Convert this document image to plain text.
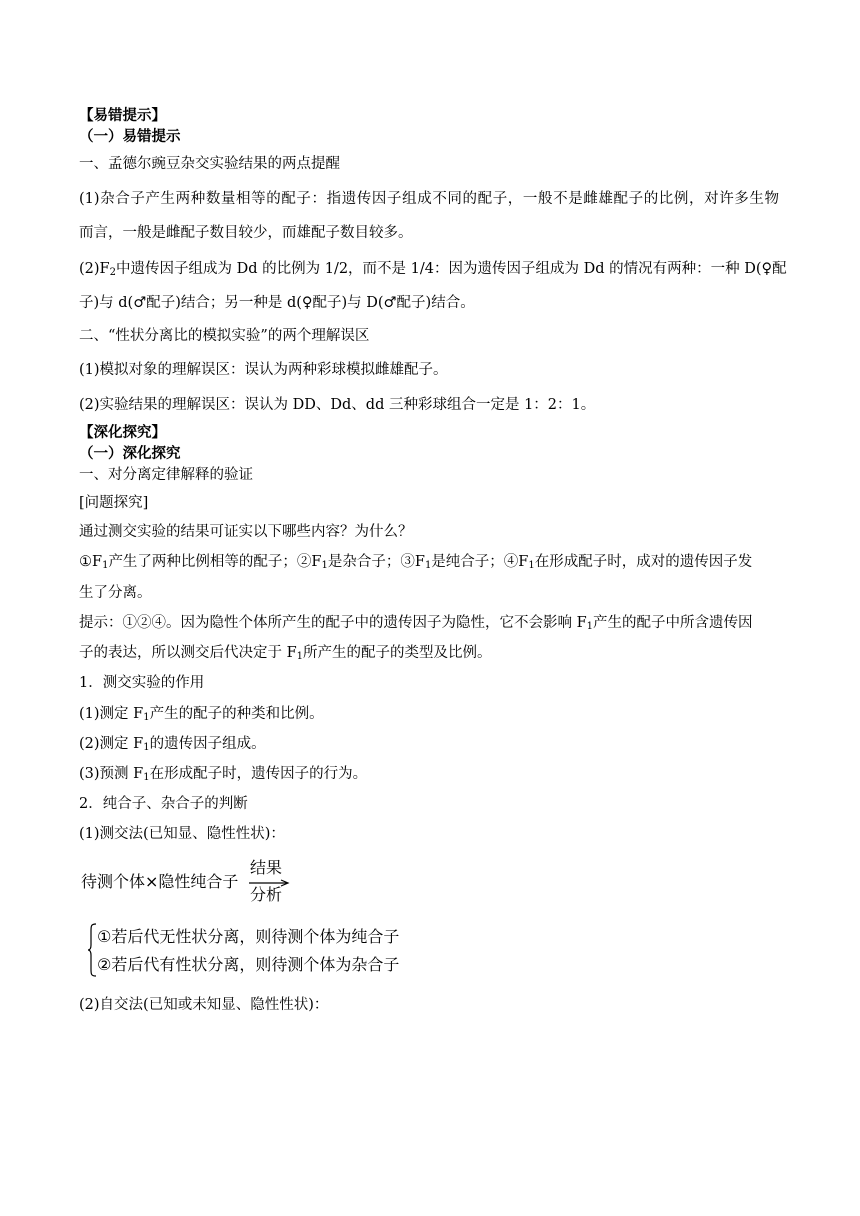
【易错提示】
（一）易错提示
一、孟德尔豌豆杂交实验结果的两点提醒
(1)杂合子产生两种数量相等的配子：指遗传因子组成不同的配子，一般不是雌雄配子的比例，对许多生物
而言，一般是雌配子数目较少，而雄配子数目较多。
$(2)F_2$中遗传因子组成为 Dd 的比例为 1/2，而不是 1/4：因为遗传因子组成为 Dd 的情况有两种：一种 D(♀配
子)与 d(♂配子)结合；另一种是 d(♀配子)与 D(♂配子)结合。
二、“性状分离比的模拟实验”的两个理解误区
(1)模拟对象的理解误区：误认为两种彩球模拟雌雄配子。
(2)实验结果的理解误区：误认为 DD、Dd、dd 三种彩球组合一定是 1：2：1。
【深化探究】
（一）深化探究
一、对分离定律解释的验证
[问题探究]
通过测交实验的结果可证实以下哪些内容？为什么？
$①F_1$产生了两种比例相等的配子；$②F_1$是杂合子；$③F_1$是纯合子；$④F_1$在形成配子时，成对的遗传因子发
生了分离。
提示：①②④。因为隐性个体所产生的配子中的遗传因子为隐性，它不会影响 $F_1$产生的配子中所含遗传因
子的表达，所以测交后代决定于 $F_1$所产生的配子的类型及比例。
1．测交实验的作用
(1)测定 $F_1$产生的配子的种类和比例。
(2)测定 $F_1$的遗传因子组成。
(3)预测 $F_1$在形成配子时，遗传因子的行为。
2．纯合子、杂合子的判断
(1)测交法(已知显、隐性性状)：
待测个体×隐性纯合子
结果
分析
①若后代无性状分离，则待测个体为纯合子
②若后代有性状分离，则待测个体为杂合子
(2)自交法(已知或未知显、隐性性状)：
